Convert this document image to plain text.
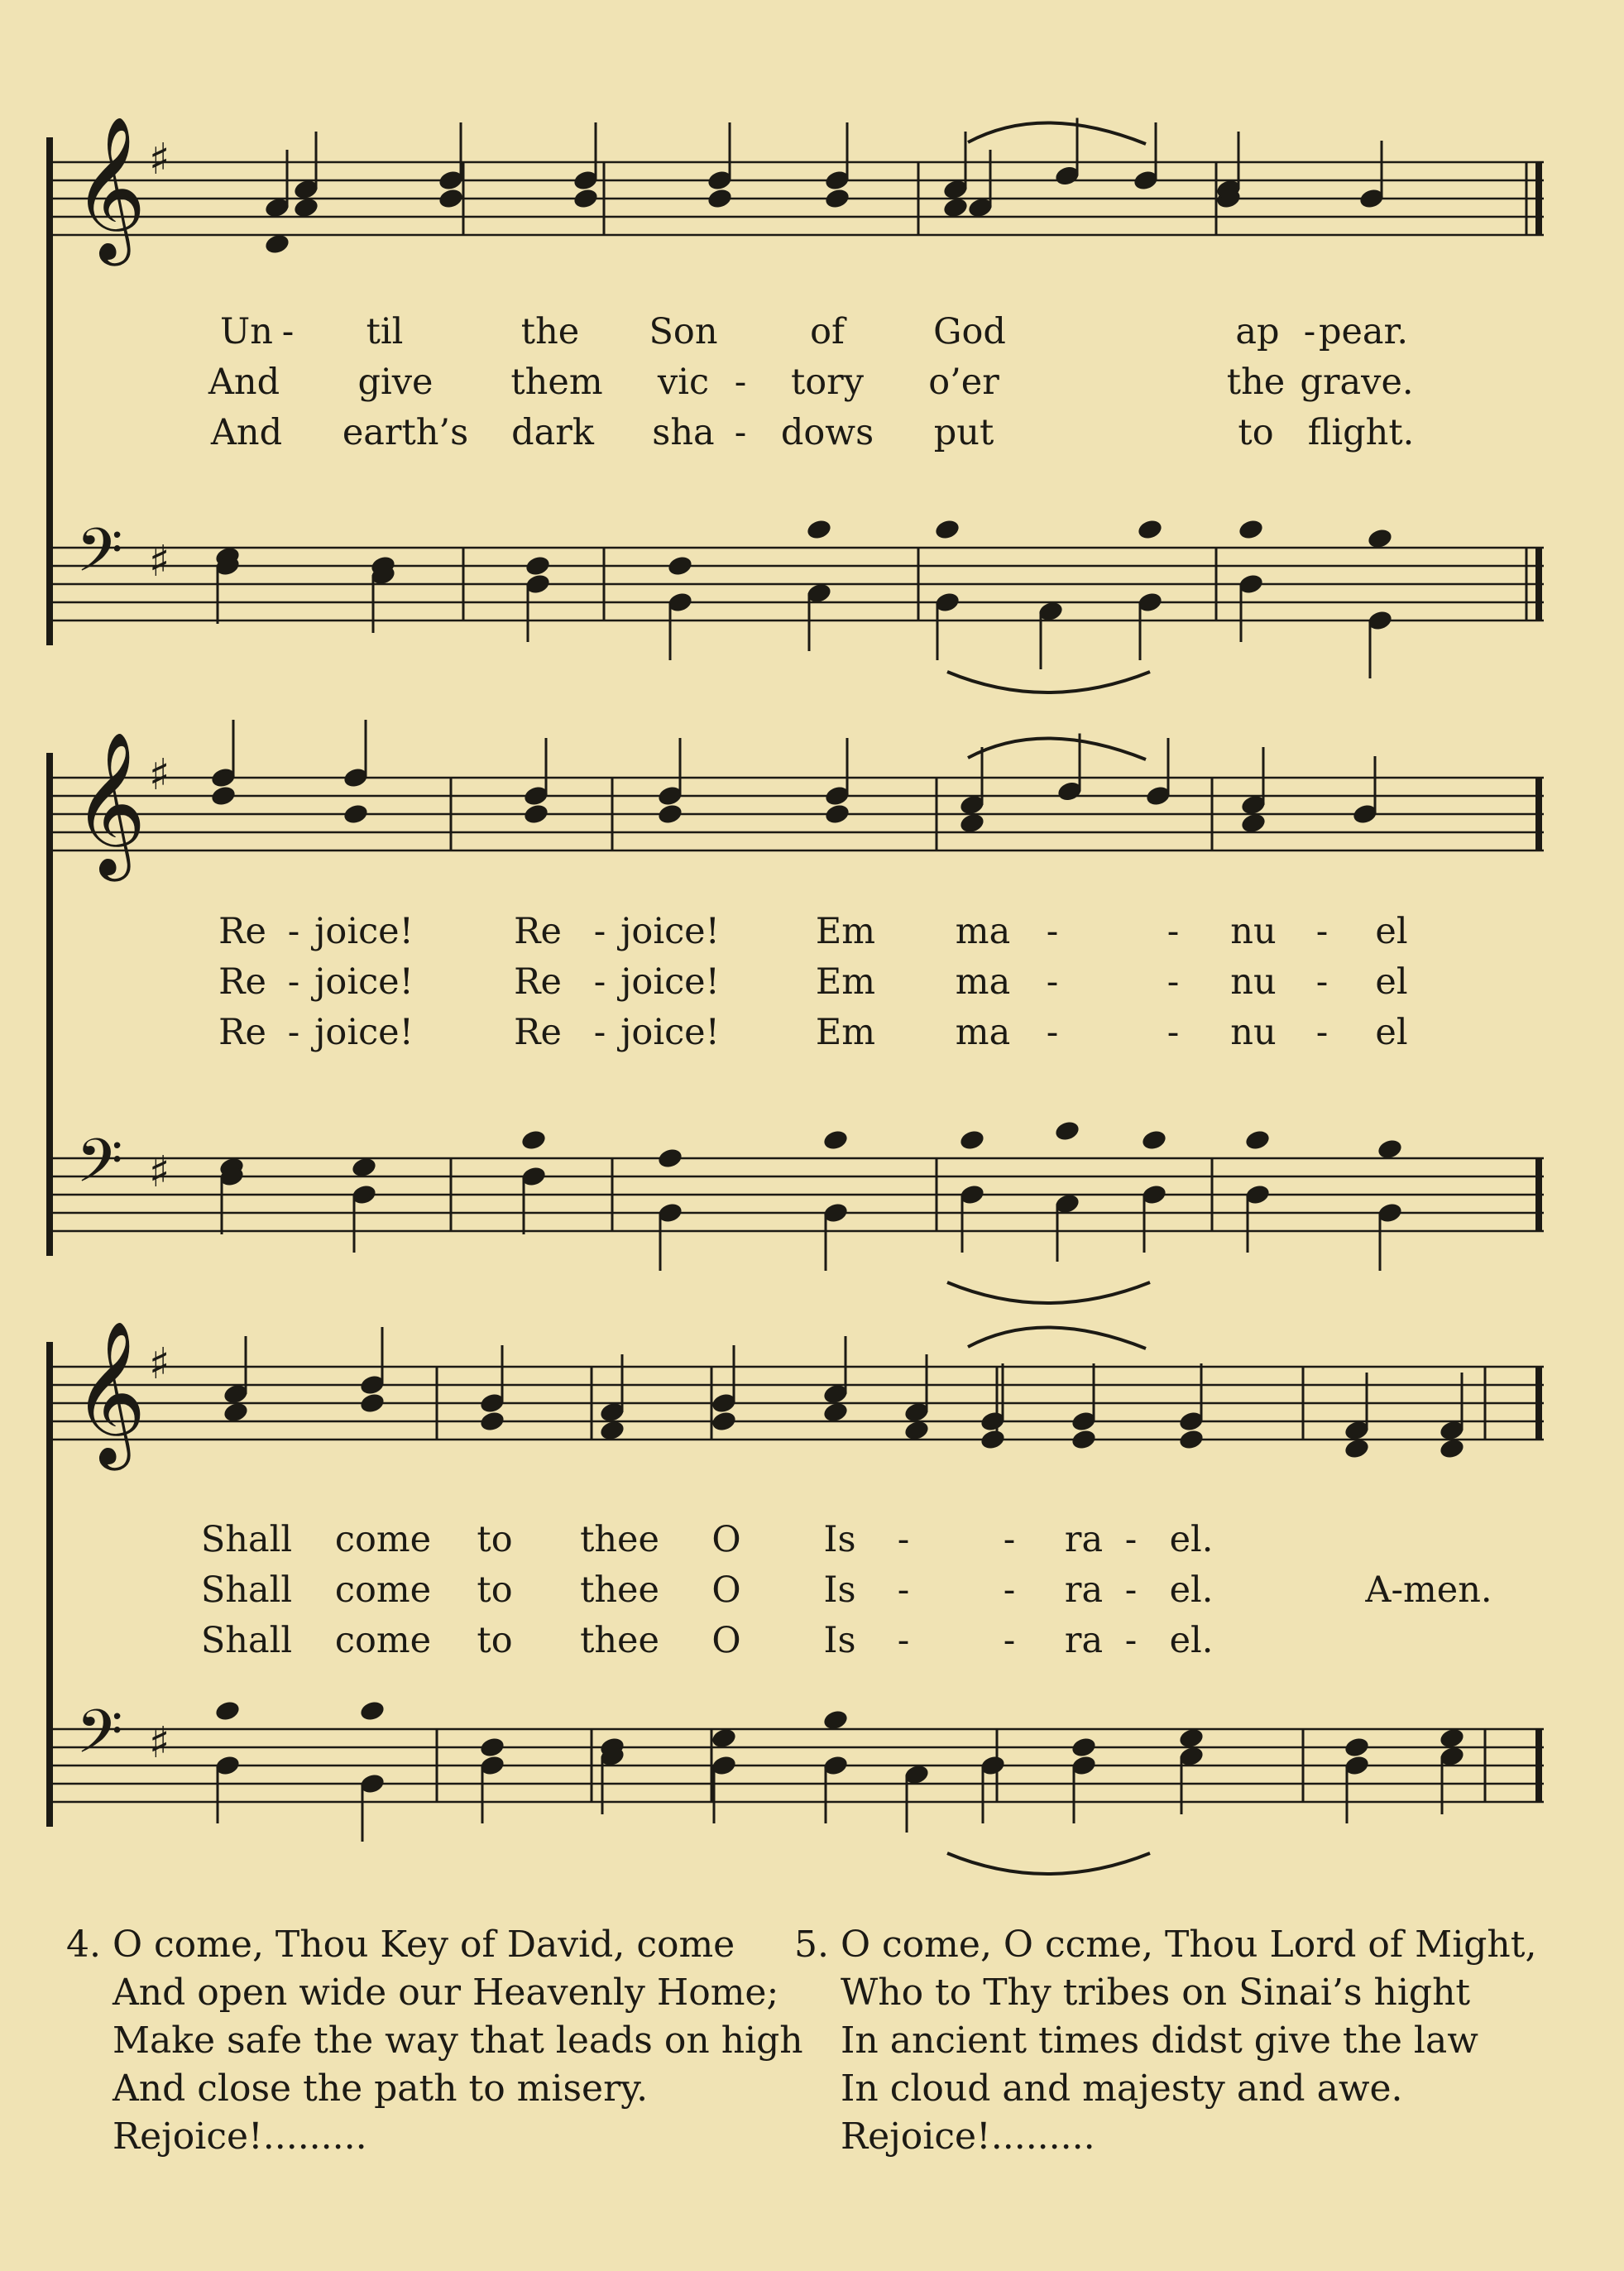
𝄞 ♯
𝄢 ♯
𝄞 ♯
𝄢 ♯
𝄞 ♯
𝄢 ♯
Un - til	the Son	of God	ap - pear.
And give them vic - tory o’er	the grave.
And earth’s dark sha - dows put	to flight.
Re - joice!	Re - joice!	Em ma -	- nu - el
Re - joice!	Re - joice!	Em ma -	- nu - el
Re - joice!	Re - joice!	Em ma -	- nu - el
Shall come to thee O Is -	- ra - el.
Shall come to thee O Is -	- ra - el.	A-men.
Shall come to thee O Is -	- ra - el.
4. O come, Thou Key of David, come
And open wide our Heavenly Home;
Make safe the way that leads on high
And close the path to misery.
Rejoice!.........
5. O come, O ccme, Thou Lord of Might,
Who to Thy tribes on Sinai’s hight
In ancient times didst give the law
In cloud and majesty and awe.
Rejoice!.........
